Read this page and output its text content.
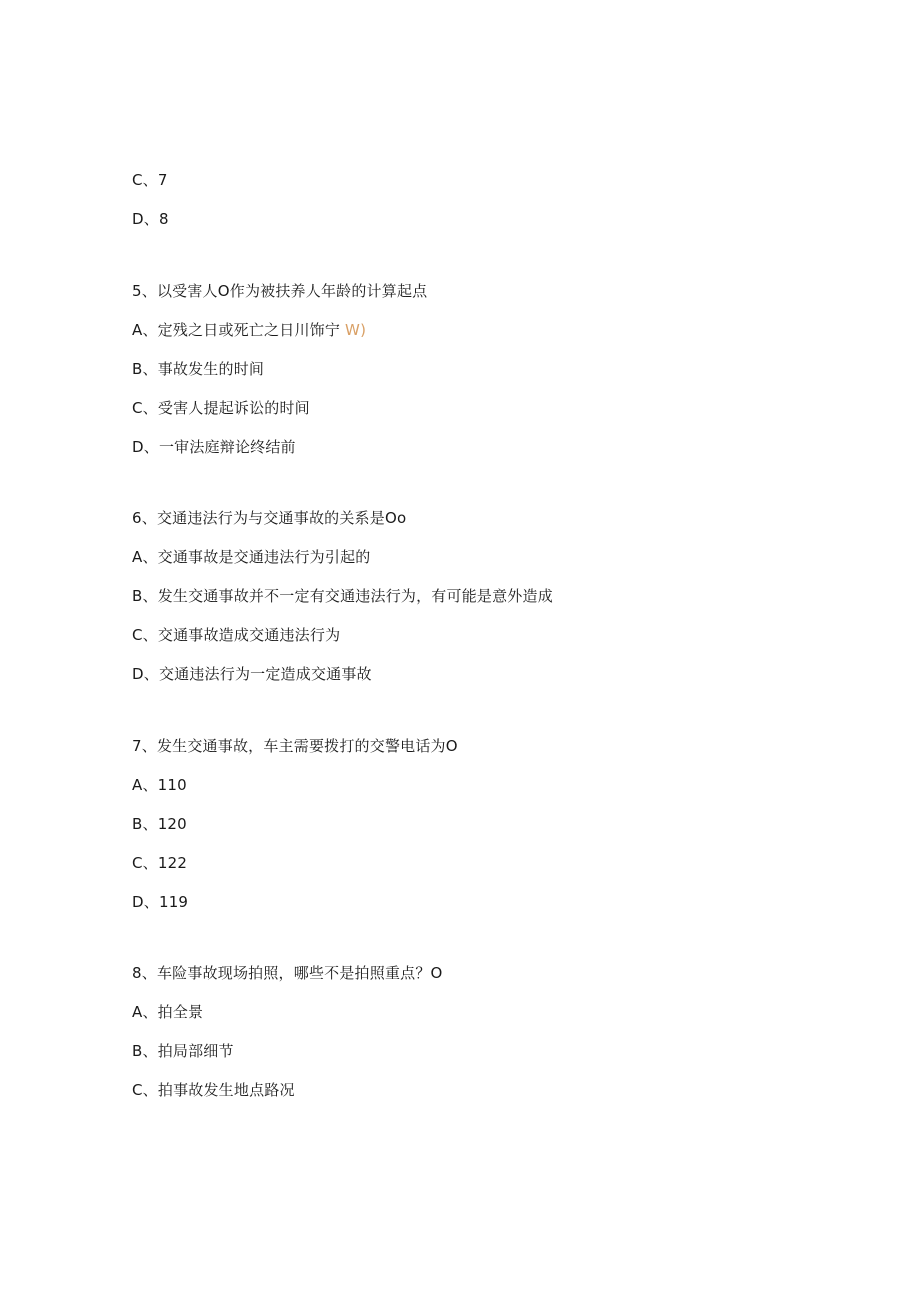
C、7
D、8
5、以受害人O作为被扶养人年龄的计算起点
A、定残之日或死亡之日川饰宁 W)
B、事故发生的时间
C、受害人提起诉讼的时间
D、一审法庭辩论终结前
6、交通违法行为与交通事故的关系是Oo
A、交通事故是交通违法行为引起的
B、发生交通事故并不一定有交通违法行为，有可能是意外造成
C、交通事故造成交通违法行为
D、交通违法行为一定造成交通事故
7、发生交通事故，车主需要拨打的交警电话为O
A、110
B、120
C、122
D、119
8、车险事故现场拍照，哪些不是拍照重点？O
A、拍全景
B、拍局部细节
C、拍事故发生地点路况
